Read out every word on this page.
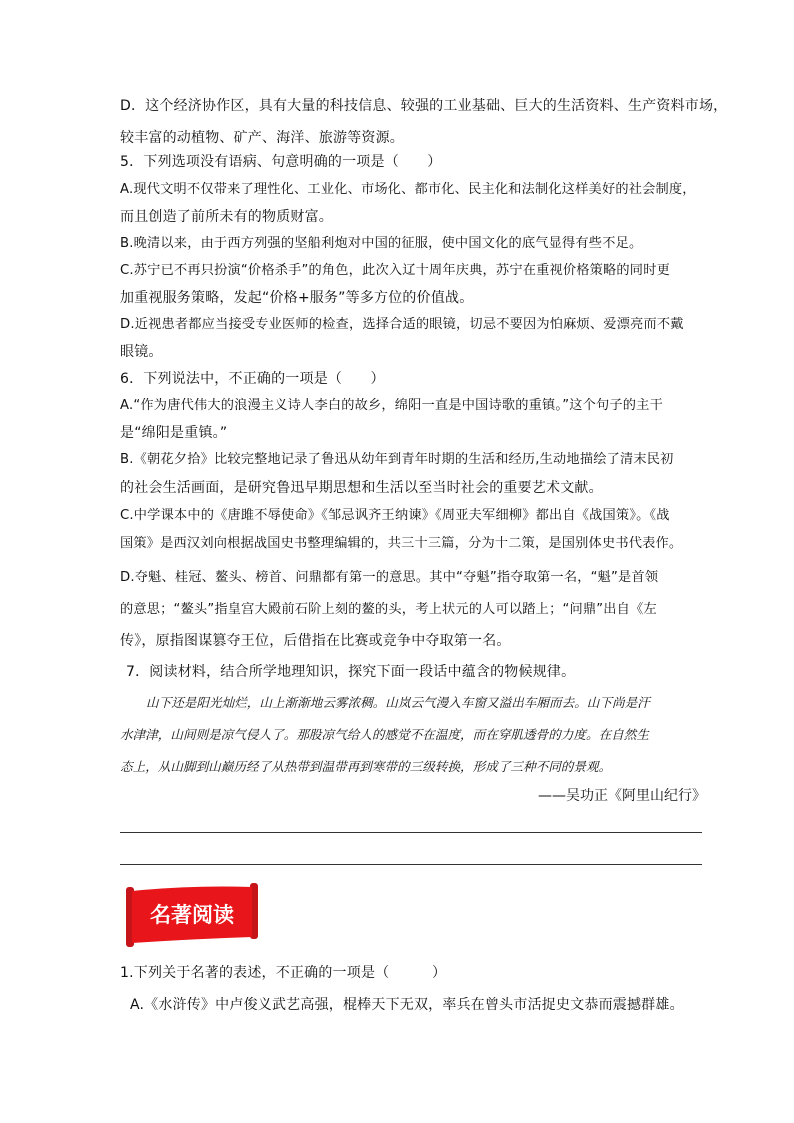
D．这个经济协作区，具有大量的科技信息、较强的工业基础、巨大的生活资料、生产资料市场，
较丰富的动植物、矿产、海洋、旅游等资源。
5．下列选项没有语病、句意明确的一项是（　　）
A.现代文明不仅带来了理性化、工业化、市场化、都市化、民主化和法制化这样美好的社会制度，
而且创造了前所未有的物质财富。
B.晚清以来，由于西方列强的坚船利炮对中国的征服，使中国文化的底气显得有些不足。
C.苏宁已不再只扮演“价格杀手”的角色，此次入辽十周年庆典，苏宁在重视价格策略的同时更
加重视服务策略，发起“价格+服务”等多方位的价值战。
D.近视患者都应当接受专业医师的检查，选择合适的眼镜，切忌不要因为怕麻烦、爱漂亮而不戴
眼镜。
6．下列说法中，不正确的一项是（　　）
A.“作为唐代伟大的浪漫主义诗人李白的故乡，绵阳一直是中国诗歌的重镇。”这个句子的主干
是“绵阳是重镇。”
B.《朝花夕拾》比较完整地记录了鲁迅从幼年到青年时期的生活和经历,生动地描绘了清末民初
的社会生活画面，是研究鲁迅早期思想和生活以至当时社会的重要艺术文献。
C.中学课本中的《唐雎不辱使命》《邹忌讽齐王纳谏》《周亚夫军细柳》都出自《战国策》。《战
国策》是西汉刘向根据战国史书整理编辑的，共三十三篇，分为十二策，是国别体史书代表作。
D.夺魁、桂冠、鳌头、榜首、问鼎都有第一的意思。其中“夺魁”指夺取第一名，“魁”是首领
的意思；“鳌头”指皇宫大殿前石阶上刻的鳌的头，考上状元的人可以踏上；“问鼎”出自《左
传》，原指图谋篡夺王位，后借指在比赛或竞争中夺取第一名。
7．阅读材料，结合所学地理知识，探究下面一段话中蕴含的物候规律。
山下还是阳光灿烂，山上渐渐地云雾浓稠。山岚云气漫入车窗又溢出车厢而去。山下尚是汗
水津津，山间则是凉气侵人了。那股凉气给人的感觉不在温度，而在穿肌透骨的力度。在自然生
态上，从山脚到山巅历经了从热带到温带再到寒带的三级转换，形成了三种不同的景观。
——吴功正《阿里山纪行》
名著阅读
1.下列关于名著的表述，不正确的一项是（　　　）
A.《水浒传》中卢俊义武艺高强，棍棒天下无双，率兵在曾头市活捉史文恭而震撼群雄。
